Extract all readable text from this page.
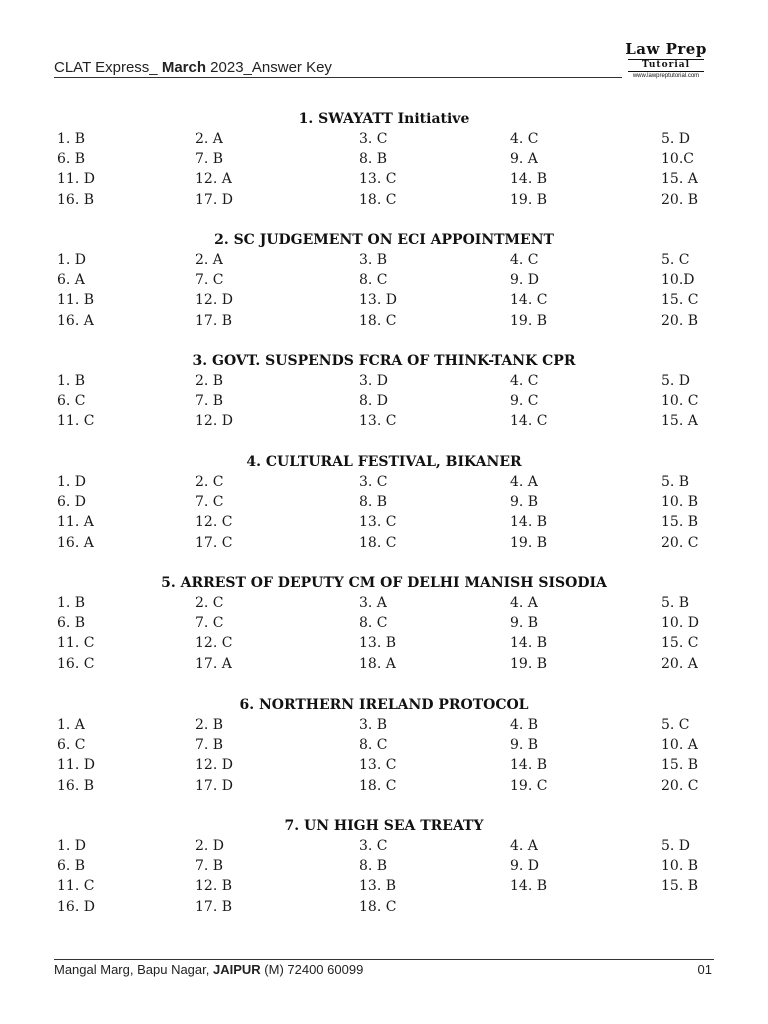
CLAT Express_ March 2023_Answer Key
Law Prep
Tutorial
www.lawpreptutorial.com
1. SWAYATT Initiative
1. B	2. A	3. C	4. C	5. D
6. B	7. B	8. B	9. A	10.C
11. D	12. A	13. C	14. B	15. A
16. B	17. D	18. C	19. B	20. B
2. SC JUDGEMENT ON ECI APPOINTMENT
1. D	2. A	3. B	4. C	5. C
6. A	7. C	8. C	9. D	10.D
11. B	12. D	13. D	14. C	15. C
16. A	17. B	18. C	19. B	20. B
3. GOVT. SUSPENDS FCRA OF THINK-TANK CPR
1. B	2. B	3. D	4. C	5. D
6. C	7. B	8. D	9. C	10. C
11. C	12. D	13. C	14. C	15. A
4. CULTURAL FESTIVAL, BIKANER
1. D	2. C	3. C	4. A	5. B
6. D	7. C	8. B	9. B	10. B
11. A	12. C	13. C	14. B	15. B
16. A	17. C	18. C	19. B	20. C
5. ARREST OF DEPUTY CM OF DELHI MANISH SISODIA
1. B	2. C	3. A	4. A	5. B
6. B	7. C	8. C	9. B	10. D
11. C	12. C	13. B	14. B	15. C
16. C	17. A	18. A	19. B	20. A
6. NORTHERN IRELAND PROTOCOL
1. A	2. B	3. B	4. B	5. C
6. C	7. B	8. C	9. B	10. A
11. D	12. D	13. C	14. B	15. B
16. B	17. D	18. C	19. C	20. C
7. UN HIGH SEA TREATY
1. D	2. D	3. C	4. A	5. D
6. B	7. B	8. B	9. D	10. B
11. C	12. B	13. B	14. B	15. B
16. D	17. B	18. C
Mangal Marg, Bapu Nagar, JAIPUR (M) 72400 60099	01
